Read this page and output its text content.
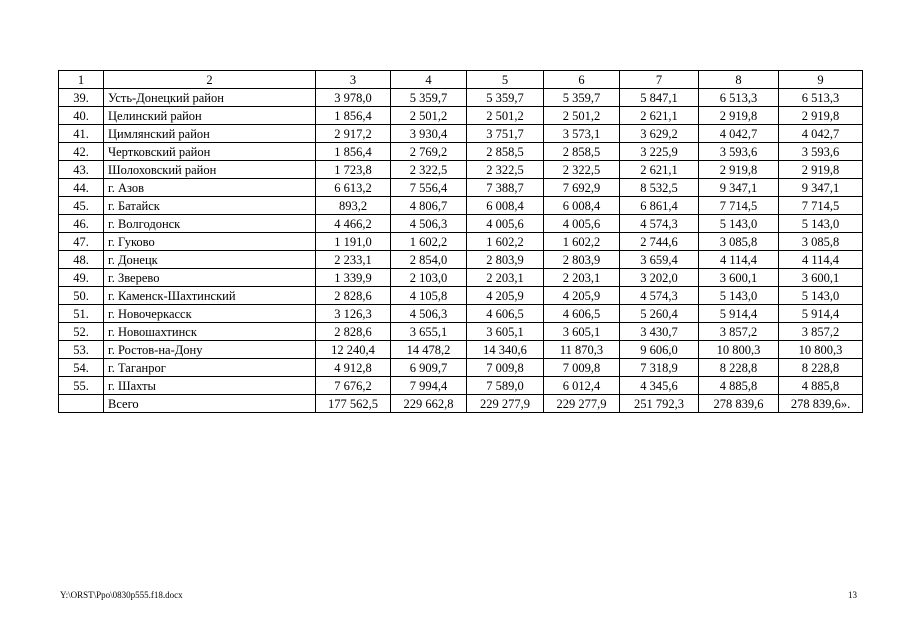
1	2	3	4	5	6	7	8	9
39.	Усть-Донецкий район	3 978,0	5 359,7	5 359,7	5 359,7	5 847,1	6 513,3	6 513,3
40.	Целинский район	1 856,4	2 501,2	2 501,2	2 501,2	2 621,1	2 919,8	2 919,8
41.	Цимлянский район	2 917,2	3 930,4	3 751,7	3 573,1	3 629,2	4 042,7	4 042,7
42.	Чертковский район	1 856,4	2 769,2	2 858,5	2 858,5	3 225,9	3 593,6	3 593,6
43.	Шолоховский район	1 723,8	2 322,5	2 322,5	2 322,5	2 621,1	2 919,8	2 919,8
44.	г. Азов	6 613,2	7 556,4	7 388,7	7 692,9	8 532,5	9 347,1	9 347,1
45.	г. Батайск	893,2	4 806,7	6 008,4	6 008,4	6 861,4	7 714,5	7 714,5
46.	г. Волгодонск	4 466,2	4 506,3	4 005,6	4 005,6	4 574,3	5 143,0	5 143,0
47.	г. Гуково	1 191,0	1 602,2	1 602,2	1 602,2	2 744,6	3 085,8	3 085,8
48.	г. Донецк	2 233,1	2 854,0	2 803,9	2 803,9	3 659,4	4 114,4	4 114,4
49.	г. Зверево	1 339,9	2 103,0	2 203,1	2 203,1	3 202,0	3 600,1	3 600,1
50.	г. Каменск-Шахтинский	2 828,6	4 105,8	4 205,9	4 205,9	4 574,3	5 143,0	5 143,0
51.	г. Новочеркасск	3 126,3	4 506,3	4 606,5	4 606,5	5 260,4	5 914,4	5 914,4
52.	г. Новошахтинск	2 828,6	3 655,1	3 605,1	3 605,1	3 430,7	3 857,2	3 857,2
53.	г. Ростов-на-Дону	12 240,4	14 478,2	14 340,6	11 870,3	9 606,0	10 800,3	10 800,3
54.	г. Таганрог	4 912,8	6 909,7	7 009,8	7 009,8	7 318,9	8 228,8	8 228,8
55.	г. Шахты	7 676,2	7 994,4	7 589,0	6 012,4	4 345,6	4 885,8	4 885,8
	Всего	177 562,5	229 662,8	229 277,9	229 277,9	251 792,3	278 839,6	278 839,6».
Y:\ORST\Ppo\0830p555.f18.docx	13
